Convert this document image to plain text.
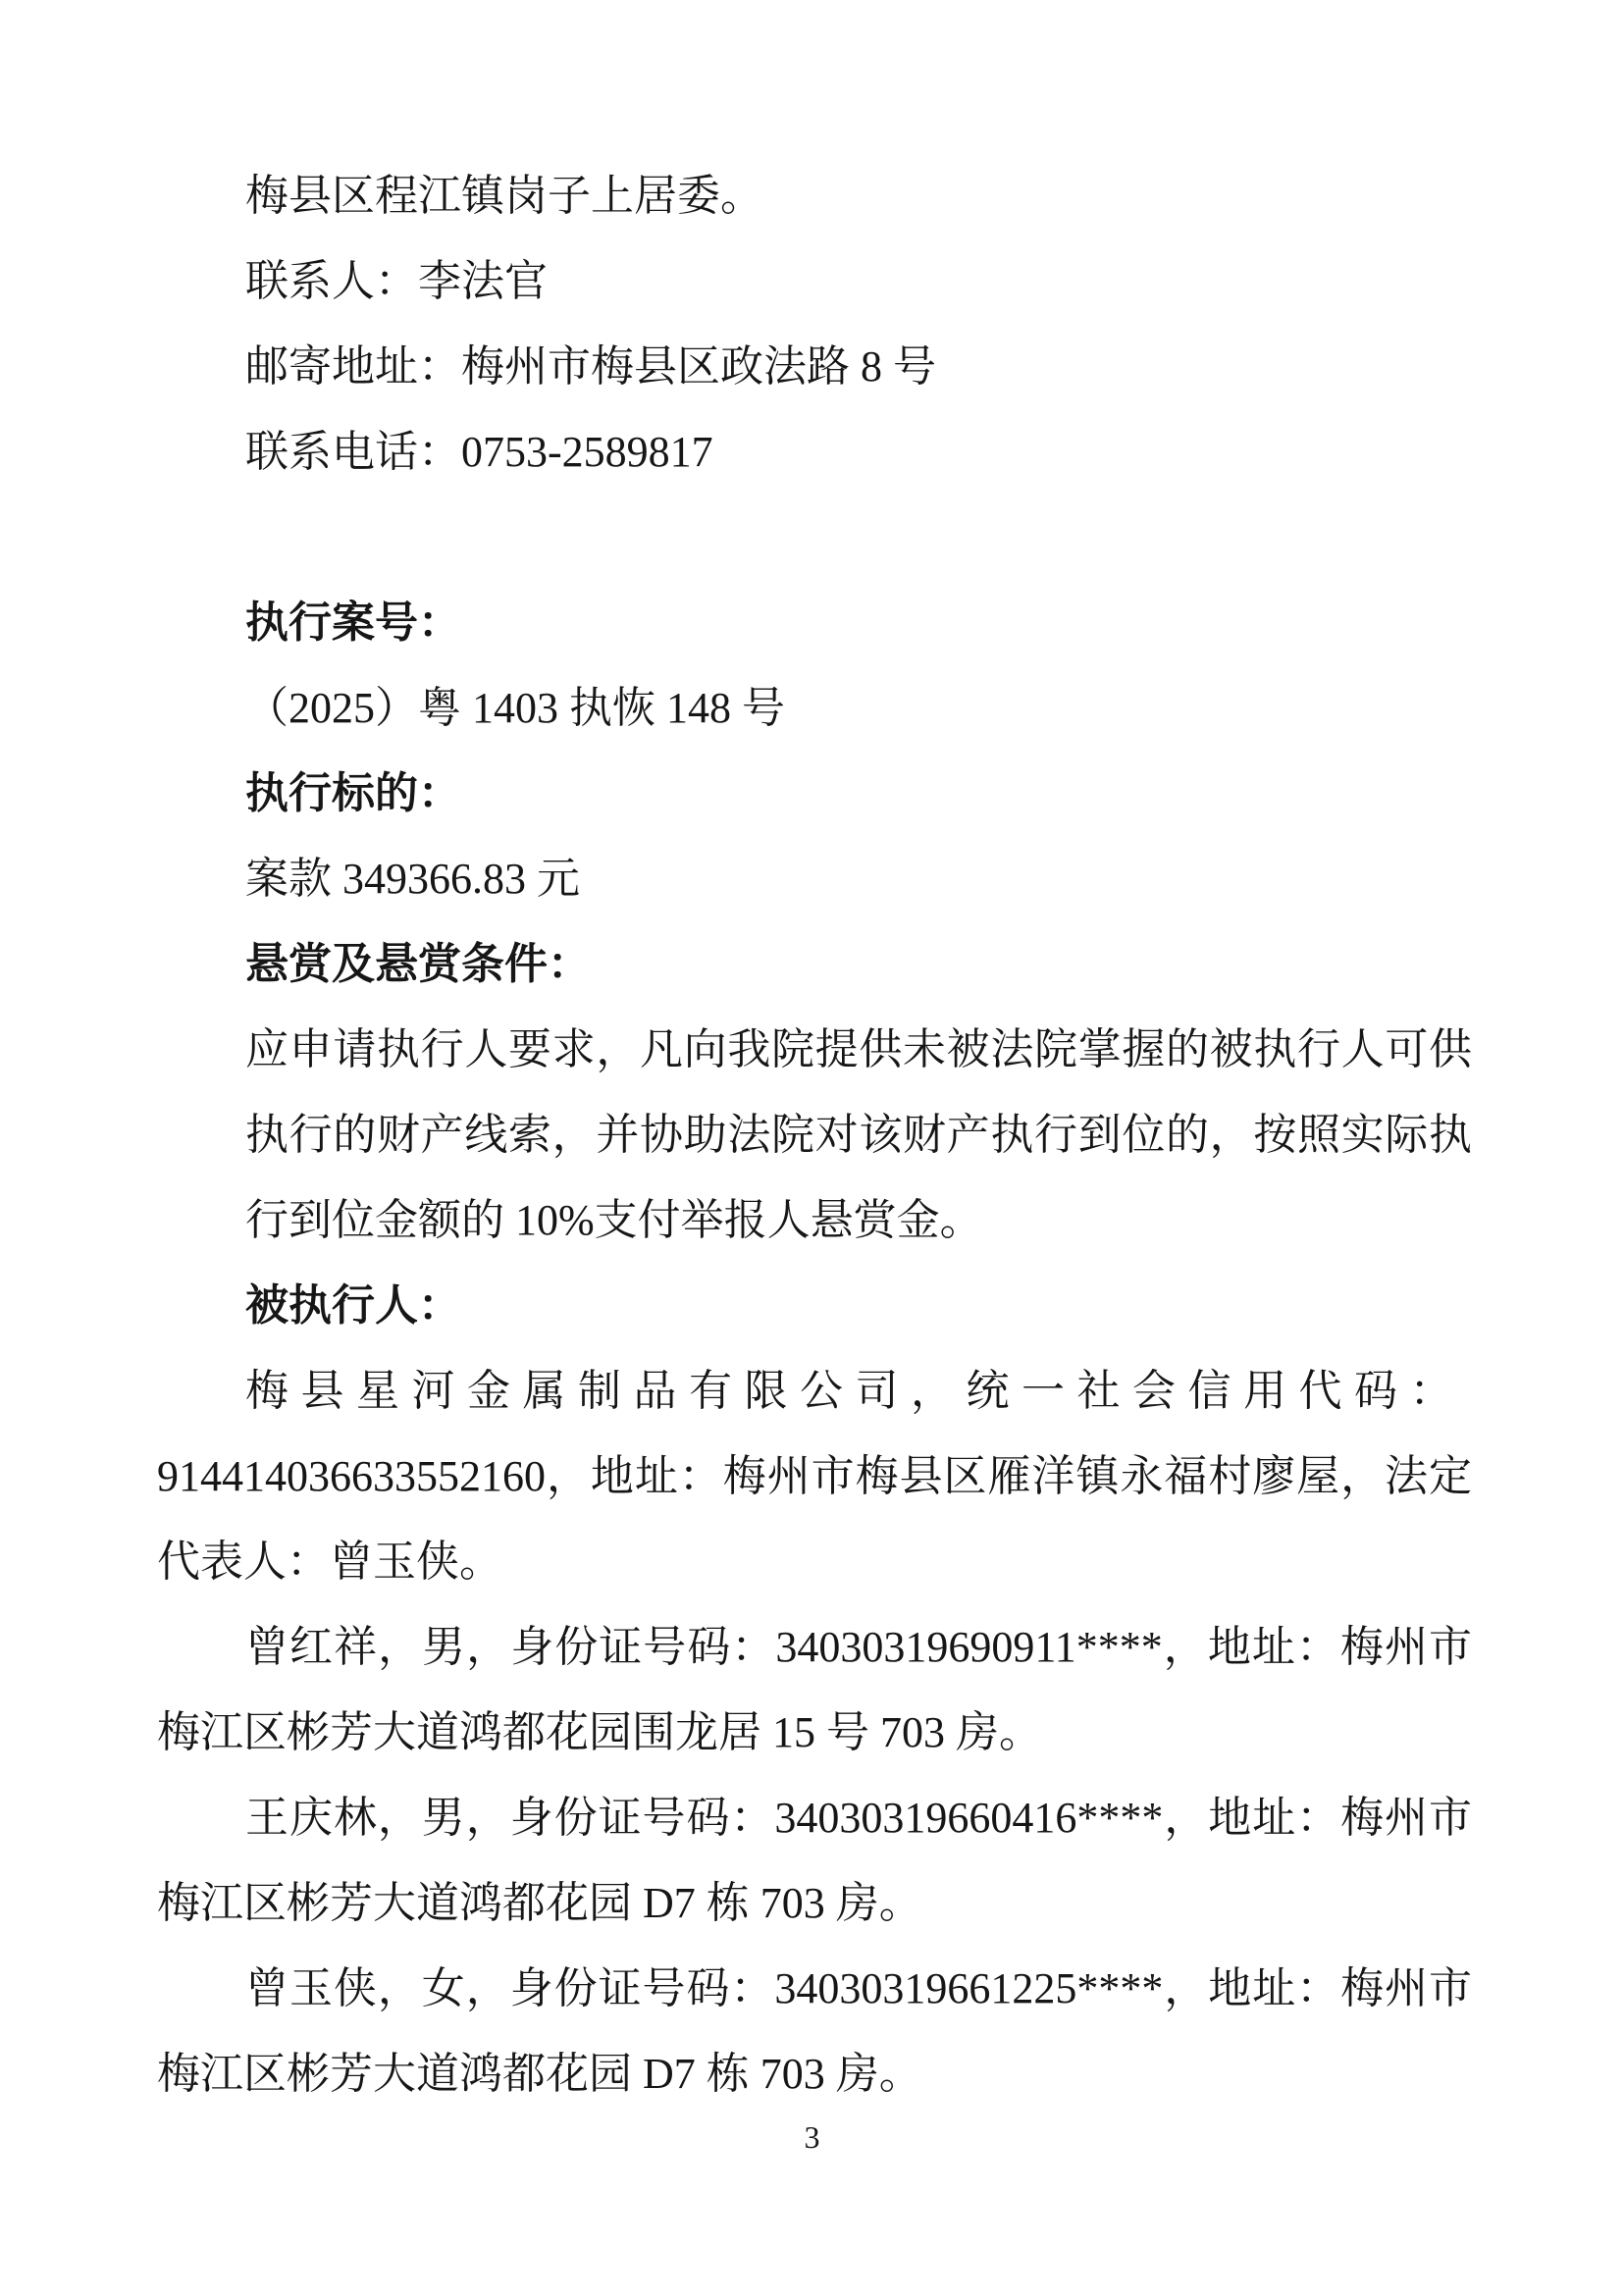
梅县区程江镇岗子上居委。
联系人：李法官
邮寄地址：梅州市梅县区政法路 8 号
联系电话：0753-2589817
执行案号：
（2025）粤 1403 执恢 148 号
执行标的：
案款 349366.83 元
悬赏及悬赏条件：
应申请执行人要求，凡向我院提供未被法院掌握的被执行人可供
执行的财产线索，并协助法院对该财产执行到位的，按照实际执
行到位金额的 10%支付举报人悬赏金。
被执行人：
梅县星河金属制品有限公司，统一社会信用代码：
914414036633552160，地址：梅州市梅县区雁洋镇永福村廖屋，法定
代表人：曾玉侠。
曾红祥，男，身份证号码：34030319690911****，地址：梅州市
梅江区彬芳大道鸿都花园围龙居 15 号 703 房。
王庆林，男，身份证号码：34030319660416****，地址：梅州市
梅江区彬芳大道鸿都花园 D7 栋 703 房。
曾玉侠，女，身份证号码：34030319661225****，地址：梅州市
梅江区彬芳大道鸿都花园 D7 栋 703 房。
3
